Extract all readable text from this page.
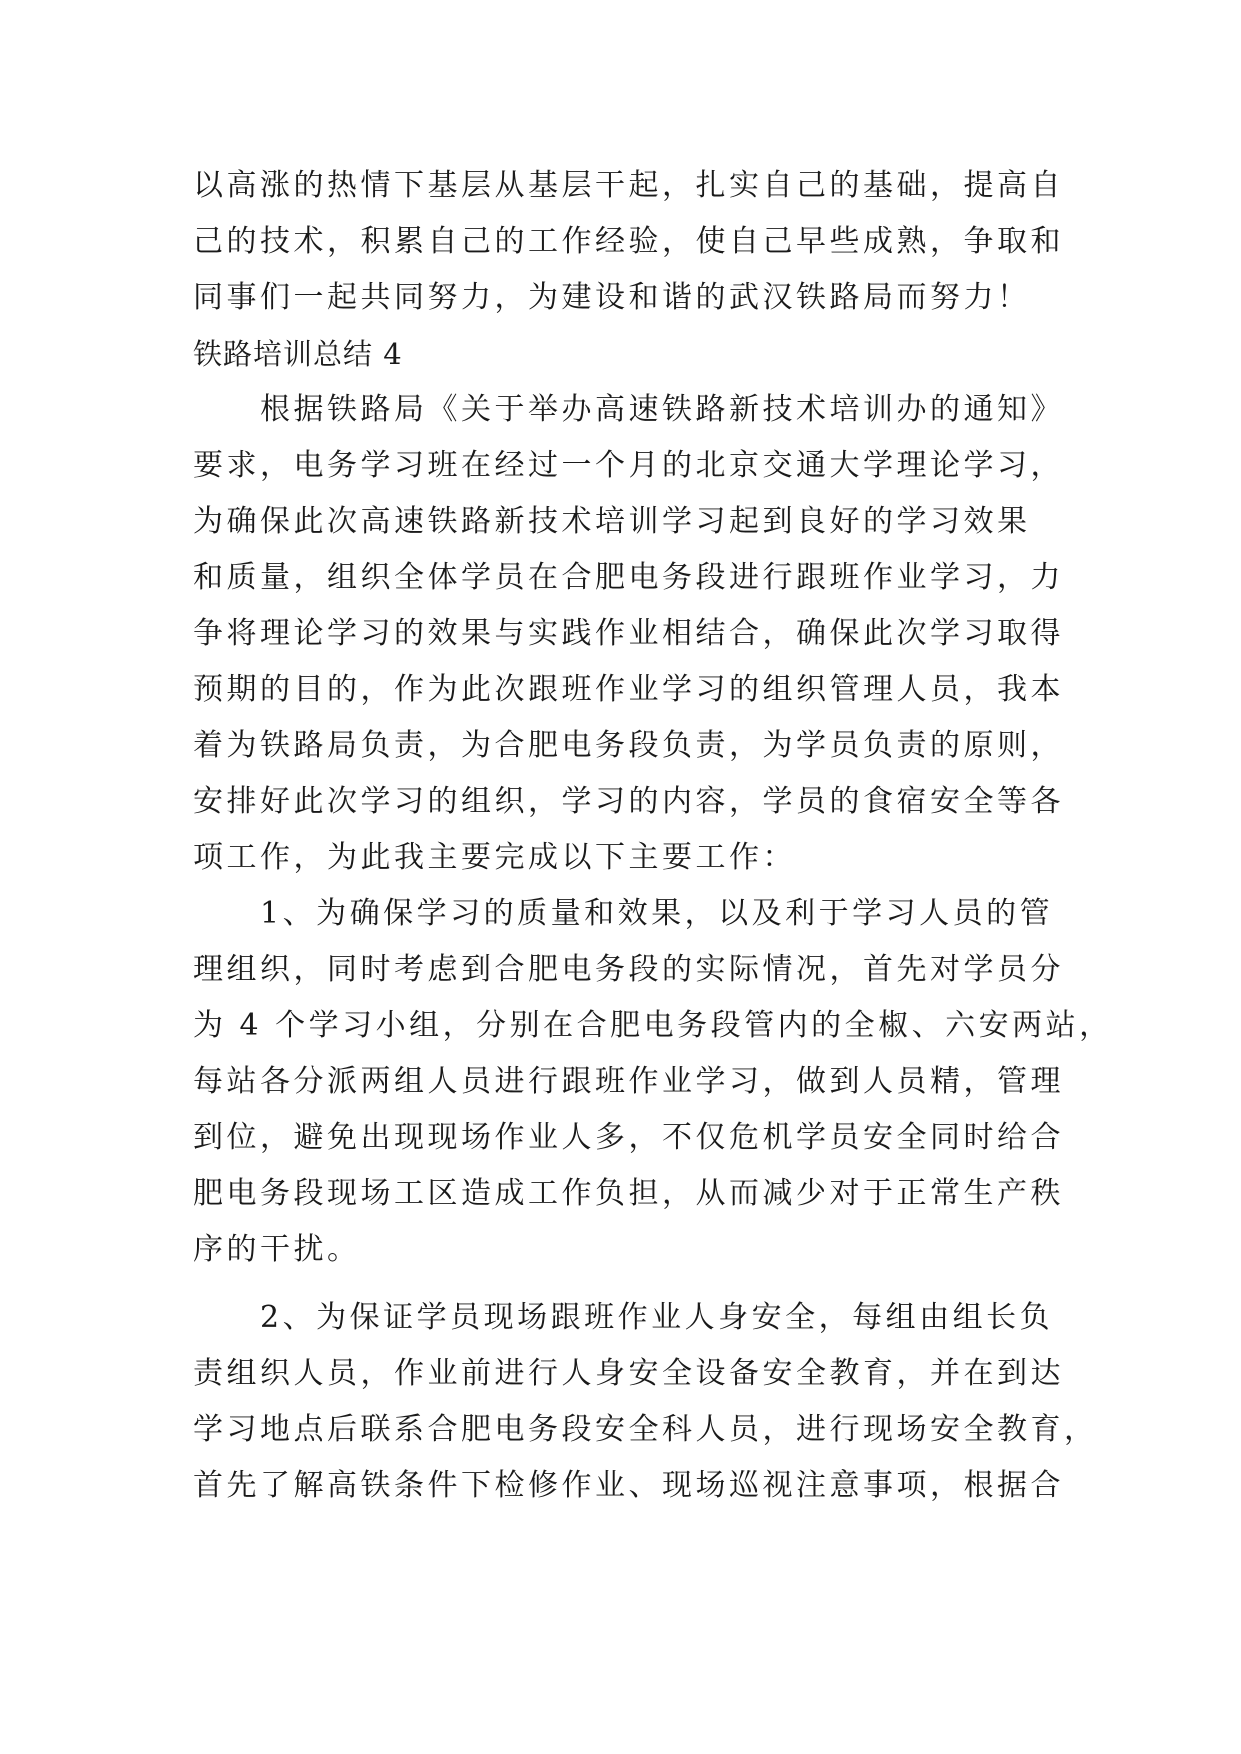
以高涨的热情下基层从基层干起，扎实自己的基础，提高自
己的技术，积累自己的工作经验，使自己早些成熟，争取和
同事们一起共同努力，为建设和谐的武汉铁路局而努力！
铁路培训总结 4
　　根据铁路局《关于举办高速铁路新技术培训办的通知》
要求，电务学习班在经过一个月的北京交通大学理论学习，
为确保此次高速铁路新技术培训学习起到良好的学习效果
和质量，组织全体学员在合肥电务段进行跟班作业学习，力
争将理论学习的效果与实践作业相结合，确保此次学习取得
预期的目的，作为此次跟班作业学习的组织管理人员，我本
着为铁路局负责，为合肥电务段负责，为学员负责的原则，
安排好此次学习的组织，学习的内容，学员的食宿安全等各
项工作，为此我主要完成以下主要工作：
　　1、为确保学习的质量和效果，以及利于学习人员的管
理组织，同时考虑到合肥电务段的实际情况，首先对学员分
为 4 个学习小组，分别在合肥电务段管内的全椒、六安两站，
每站各分派两组人员进行跟班作业学习，做到人员精，管理
到位，避免出现现场作业人多，不仅危机学员安全同时给合
肥电务段现场工区造成工作负担，从而减少对于正常生产秩
序的干扰。
　　2、为保证学员现场跟班作业人身安全，每组由组长负
责组织人员，作业前进行人身安全设备安全教育，并在到达
学习地点后联系合肥电务段安全科人员，进行现场安全教育，
首先了解高铁条件下检修作业、现场巡视注意事项，根据合
